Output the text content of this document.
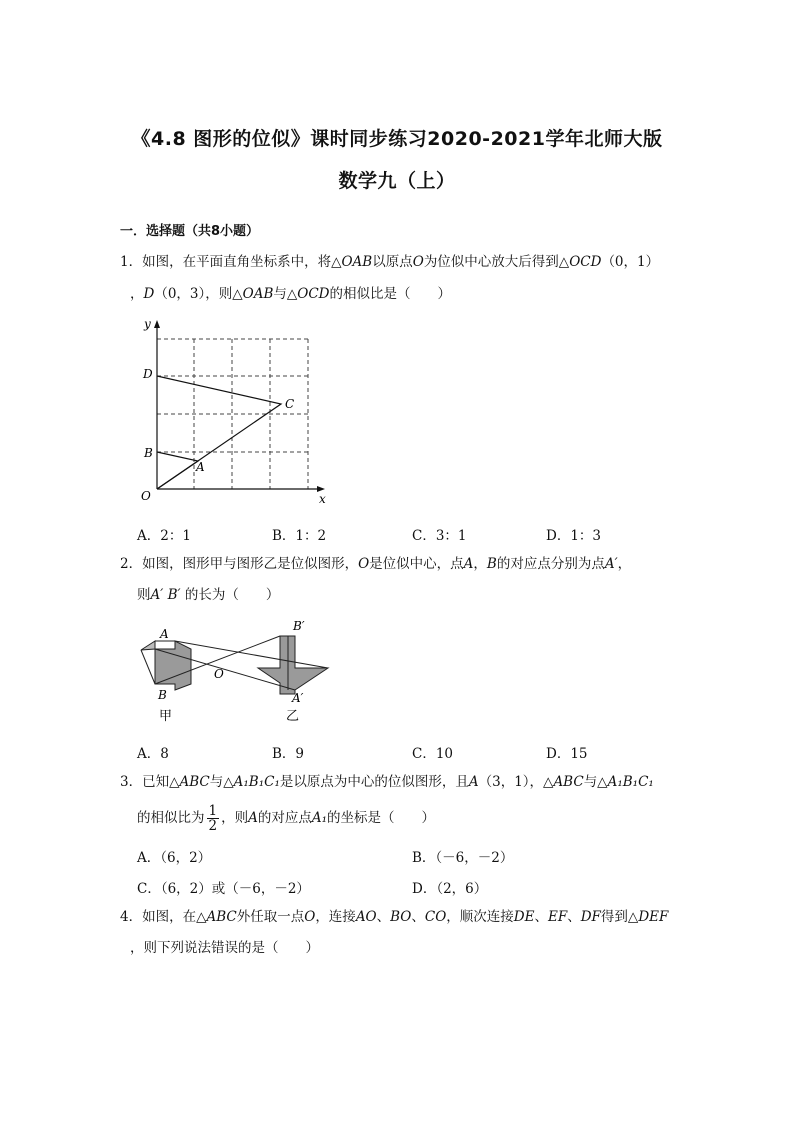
《4.8 图形的位似》课时同步练习2020-2021学年北师大版
数学九（上）
一．选择题（共8小题）
1．如图，在平面直角坐标系中，将△OAB以原点O为位似中心放大后得到△OCD（0，1）
，D（0，3），则△OAB与△OCD的相似比是（　　）
y
x
O
A
B
C
D
A．2：1	B．1：2	C．3：1	D．1：3
2．如图，图形甲与图形乙是位似图形，O是位似中心，点A，B的对应点分别为点A′，
则A′ B′ 的长为（　　）
A
B
O
A′
B′
甲	乙
A．8	B．9	C．10	D．15
3．已知△ABC与△A₁B₁C₁是以原点为中心的位似图形，且A（3，1），△ABC与△A₁B₁C₁
的相似比为 $\frac{1}{2}$ ，则A的对应点A₁的坐标是（　　）
A．（6，2）	B．（－6，－2）
C．（6，2）或（－6，－2）	D．（2，6）
4．如图，在△ABC外任取一点O，连接AO、BO、CO，顺次连接DE、EF、DF得到△DEF
，则下列说法错误的是（　　）
